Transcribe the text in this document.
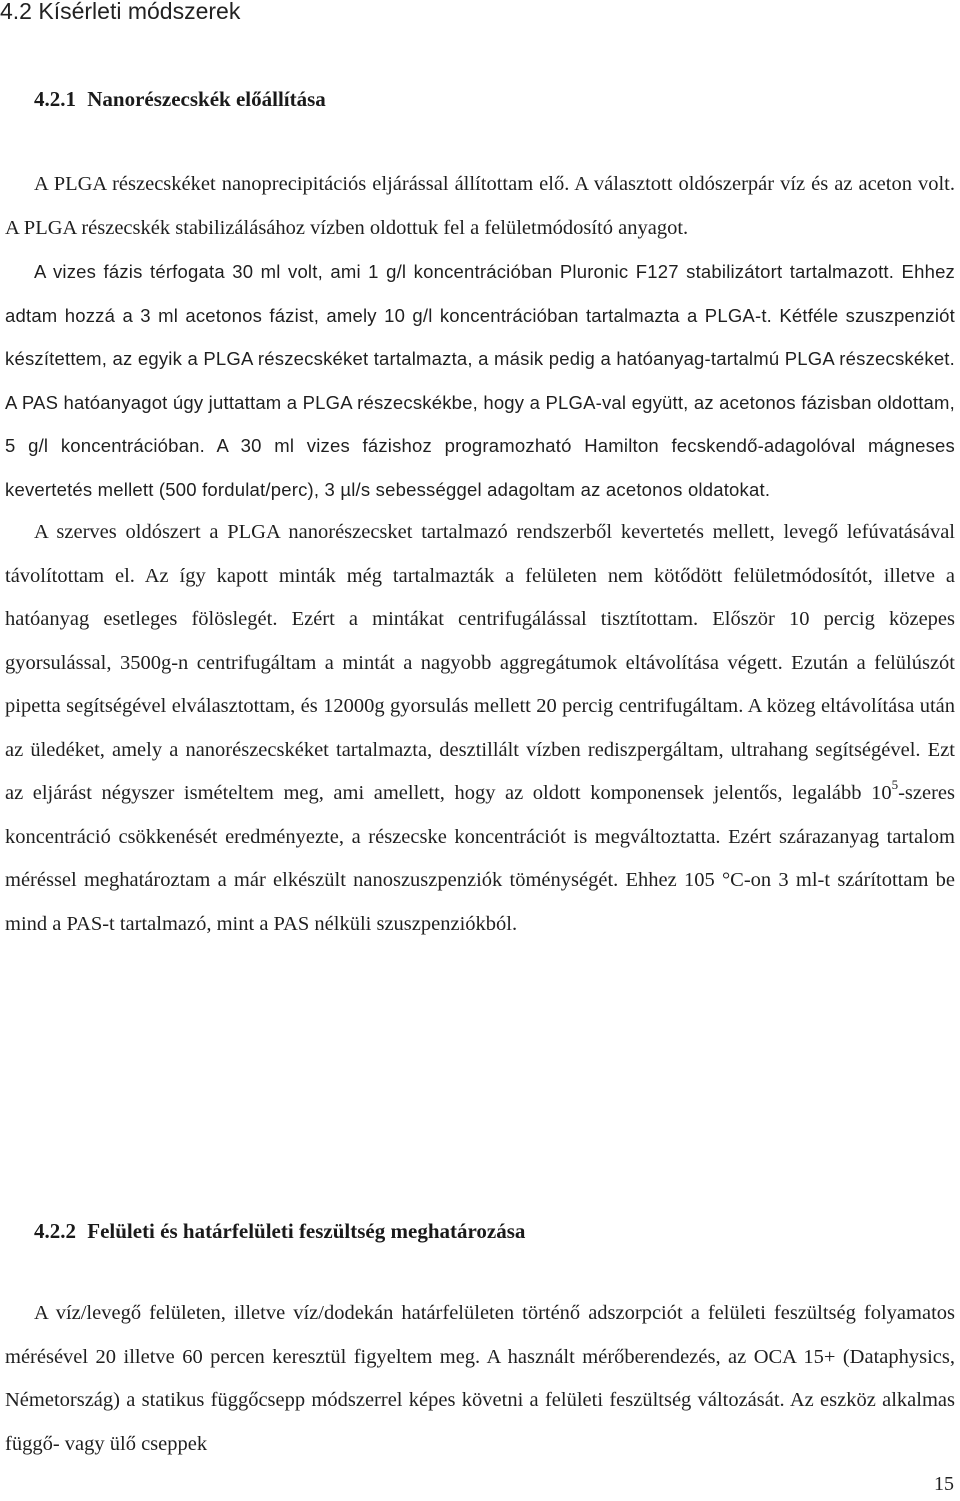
4.2 Kísérleti módszerek
4.2.1 Nanorészecskék előállítása

A PLGA részecskéket nanoprecipitációs eljárással állítottam elő. A választott oldószerpár víz és az aceton volt. A PLGA részecskék stabilizálásához vízben oldottuk fel a felületmódosító anyagot.

A vizes fázis térfogata 30 ml volt, ami 1 g/l koncentrációban Pluronic F127 stabilizátort tartalmazott. Ehhez adtam hozzá a 3 ml acetonos fázist, amely 10 g/l koncentrációban tartalmazta a PLGA-t. Kétféle szuszpenziót készítettem, az egyik a PLGA részecskéket tartalmazta, a másik pedig a hatóanyag-tartalmú PLGA részecskéket. A PAS hatóanyagot úgy juttattam a PLGA részecskékbe, hogy a PLGA-val együtt, az acetonos fázisban oldottam, 5 g/l koncentrációban. A 30 ml vizes fázishoz programozható Hamilton fecskendő-adagolóval mágneses kevertetés mellett (500 fordulat/perc), 3 µl/s sebességgel adagoltam az acetonos oldatokat.

A szerves oldószert a PLGA nanorészecsket tartalmazó rendszerből kevertetés mellett, levegő lefúvatásával távolítottam el. Az így kapott minták még tartalmazták a felületen nem kötődött felületmódosítót, illetve a hatóanyag esetleges fölöslegét. Ezért a mintákat centrifugálással tisztítottam. Először 10 percig közepes gyorsulással, 3500g-n centrifugáltam a mintát a nagyobb aggregátumok eltávolítása végett. Ezután a felülúszót pipetta segítségével elválasztottam, és 12000g gyorsulás mellett 20 percig centrifugáltam. A közeg eltávolítása után az üledéket, amely a nanorészecskéket tartalmazta, desztillált vízben rediszpergáltam, ultrahang segítségével. Ezt az eljárást négyszer ismételtem meg, ami amellett, hogy az oldott komponensek jelentős, legalább $10^5$-szeres koncentráció csökkenését eredményezte, a részecske koncentrációt is megváltoztatta. Ezért szárazanyag tartalom méréssel meghatároztam a már elkészült nanoszuszpenziók töménységét. Ehhez 105 °C-on 3 ml-t szárítottam be mind a PAS-t tartalmazó, mint a PAS nélküli szuszpenziókból.

4.2.2 Felületi és határfelületi feszültség meghatározása

A víz/levegő felületen, illetve víz/dodekán határfelületen történő adszorpciót a felületi feszültség folyamatos mérésével 20 illetve 60 percen keresztül figyeltem meg. A használt mérőberendezés, az OCA 15+ (Dataphysics, Németország) a statikus függőcsepp módszerrel képes követni a felületi feszültség változását. Az eszköz alkalmas függő- vagy ülő cseppek

15
